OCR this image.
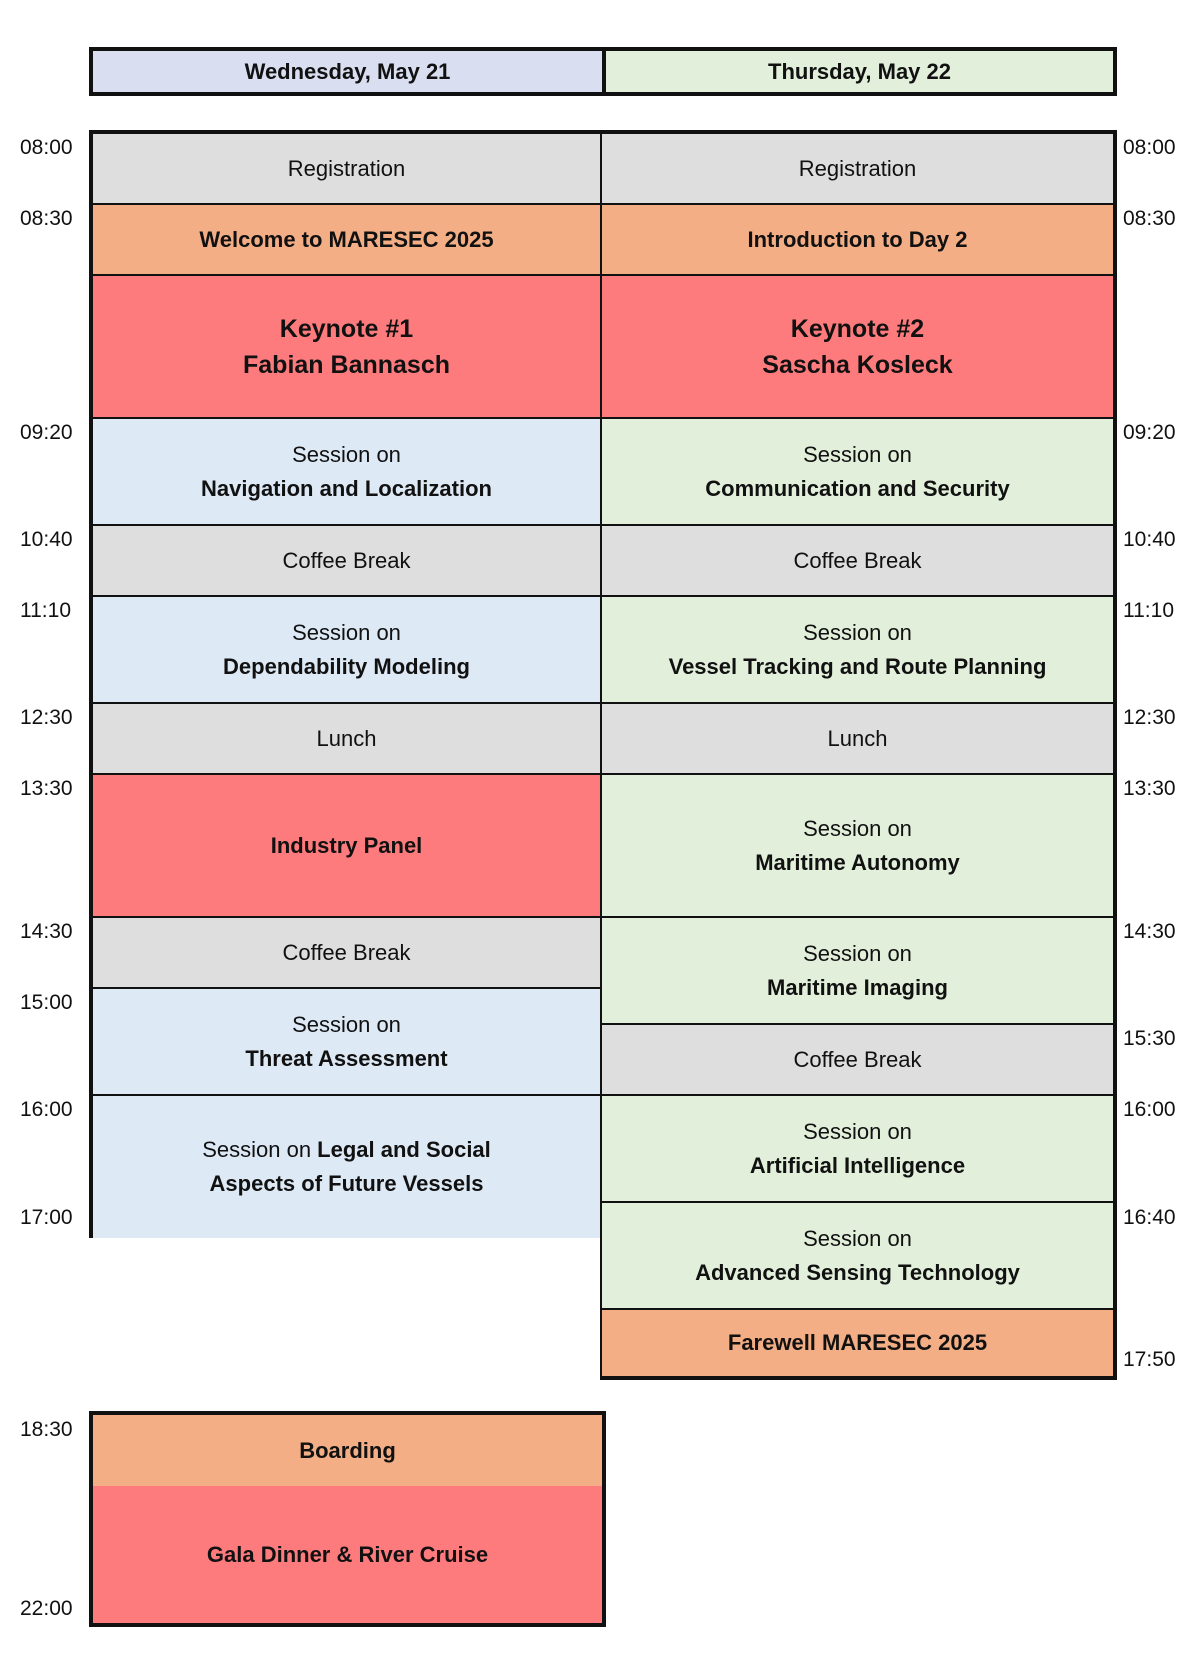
Wednesday, May 21	Thursday, May 22
Registration
Welcome to MARESEC 2025
Keynote #1
Fabian Bannasch
Session on
Navigation and Localization
Coffee Break
Session on
Dependability Modeling
Lunch
Industry Panel
Coffee Break
Session on
Threat Assessment
Session on Legal and Social
Aspects of Future Vessels
Registration
Introduction to Day 2
Keynote #2
Sascha Kosleck
Session on
Communication and Security
Coffee Break
Session on
Vessel Tracking and Route Planning
Lunch
Session on
Maritime Autonomy
Session on
Maritime Imaging
Coffee Break
Session on
Artificial Intelligence
Session on
Advanced Sensing Technology
Farewell MARESEC 2025
Boarding
Gala Dinner & River Cruise
08:00
08:30
09:20
10:40
11:10
12:30
13:30
14:30
15:00
16:00
17:00
18:30
22:00
08:00
08:30
09:20
10:40
11:10
12:30
13:30
14:30
15:30
16:00
16:40
17:50
